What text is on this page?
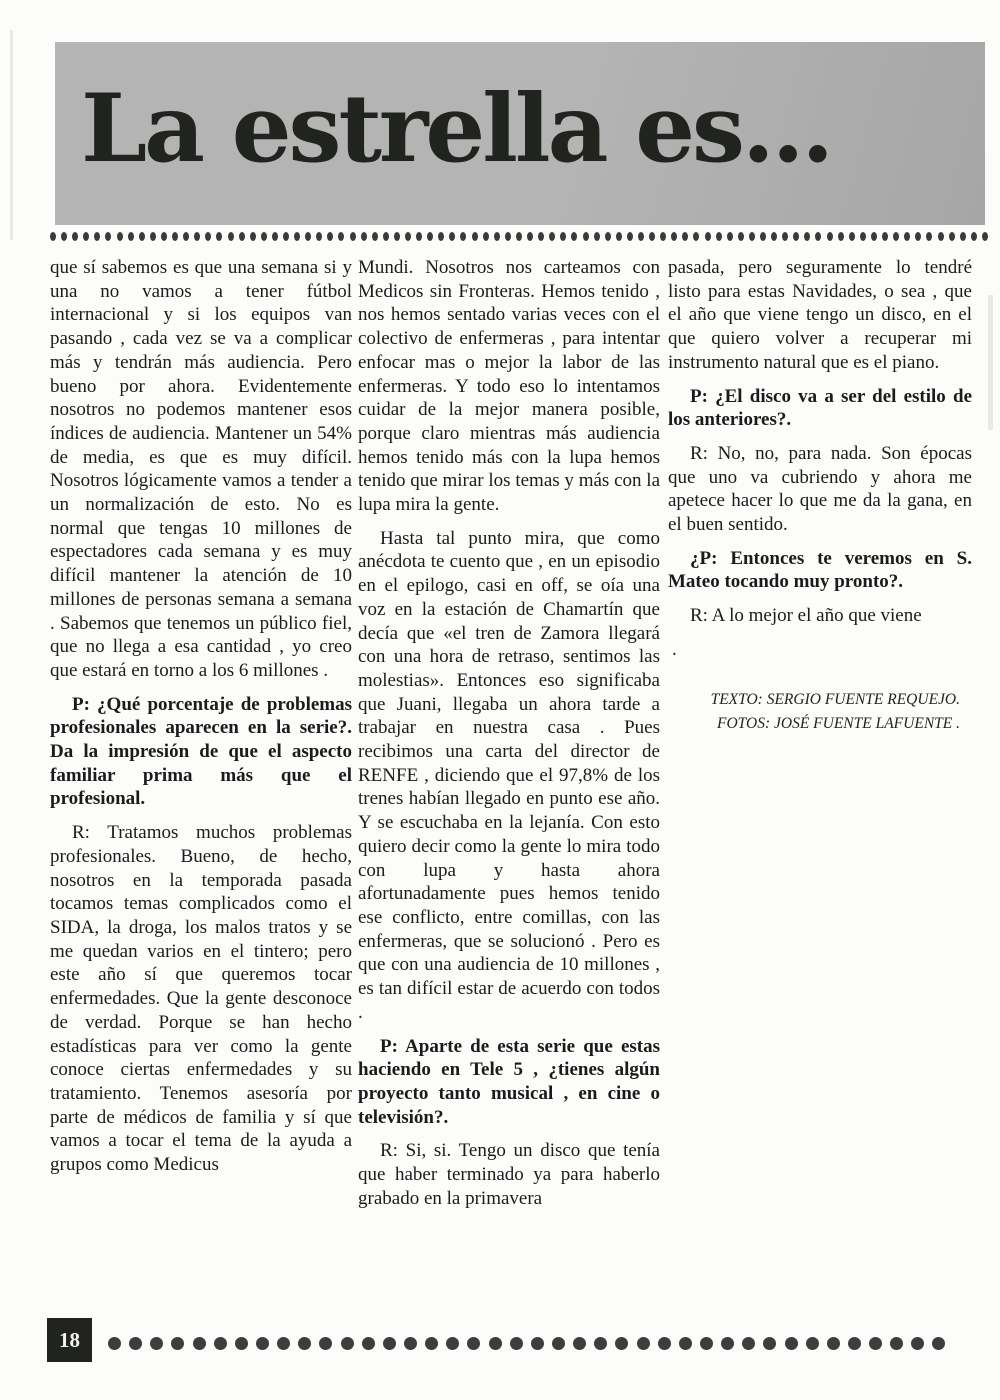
La estrella es...

que sí sabemos es que una semana si y una no vamos a tener fútbol internacional y si los equipos van pasando , cada vez se va a complicar más y tendrán más audiencia. Pero bueno por ahora. Evidentemente nosotros no podemos mantener esos índices de audiencia. Mantener un 54% de media, es que es muy difícil. Nosotros lógicamente vamos a tender a un normalización de esto. No es normal que tengas 10 millones de espectadores cada semana y es muy difícil mantener la atención de 10 millones de personas semana a semana . Sabemos que tenemos un público fiel, que no llega a esa cantidad , yo creo que estará en torno a los 6 millones .

P: ¿Qué porcentaje de problemas profesionales aparecen en la serie?. Da la impresión de que el aspecto familiar prima más que el profesional.

R: Tratamos muchos problemas profesionales. Bueno, de hecho, nosotros en la temporada pasada tocamos temas complicados como el SIDA, la droga, los malos tratos y se me quedan varios en el tintero; pero este año sí que queremos tocar enfermedades. Que la gente desconoce de verdad. Porque se han hecho estadísticas para ver como la gente conoce ciertas enfermedades y su tratamiento. Tenemos asesoría por parte de médicos de familia y sí que vamos a tocar el tema de la ayuda a grupos como Medicus

Mundi. Nosotros nos carteamos con Medicos sin Fronteras. Hemos tenido , nos hemos sentado varias veces con el colectivo de enfermeras , para intentar enfocar mas o mejor la labor de las enfermeras. Y todo eso lo intentamos cuidar de la mejor manera posible, porque claro mientras más audiencia hemos tenido más con la lupa hemos tenido que mirar los temas y más con la lupa mira la gente.

Hasta tal punto mira, que como anécdota te cuento que , en un episodio en el epilogo, casi en off, se oía una voz en la estación de Chamartín que decía que «el tren de Zamora llegará con una hora de retraso, sentimos las molestias». Entonces eso significaba que Juani, llegaba un ahora tarde a trabajar en nuestra casa . Pues recibimos una carta del director de RENFE , diciendo que el 97,8% de los trenes habían llegado en punto ese año. Y se escuchaba en la lejanía. Con esto quiero decir como la gente lo mira todo con lupa y hasta ahora afortunadamente pues hemos tenido ese conflicto, entre comillas, con las enfermeras, que se solucionó . Pero es que con una audiencia de 10 millones , es tan difícil estar de acuerdo con todos .

P: Aparte de esta serie que estas haciendo en Tele 5 , ¿tienes algún proyecto tanto musical , en cine o televisión?.

R: Si, si. Tengo un disco que tenía que haber terminado ya para haberlo grabado en la primavera

pasada, pero seguramente lo tendré listo para estas Navidades, o sea , que el año que viene tengo un disco, en el que quiero volver a recuperar mi instrumento natural que es el piano.

P: ¿El disco va a ser del estilo de los anteriores?.

R: No, no, para nada. Son épocas que uno va cubriendo y ahora me apetece hacer lo que me da la gana, en el buen sentido.

¿P: Entonces te veremos en S. Mateo tocando muy pronto?.

R: A lo mejor el año que viene

.

TEXTO: SERGIO FUENTE REQUEJO.
FOTOS: JOSÉ FUENTE LAFUENTE .
18
